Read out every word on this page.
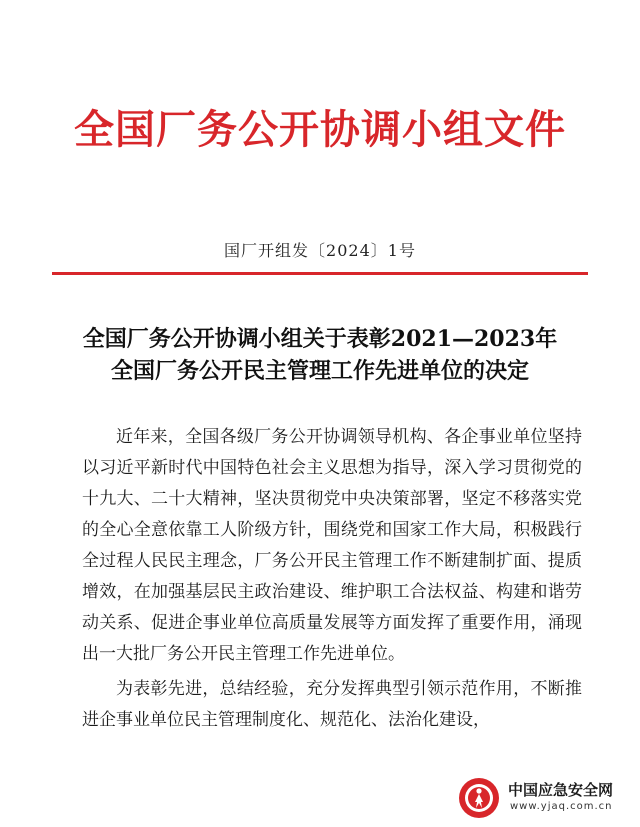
全国厂务公开协调小组文件
国厂开组发〔2024〕1号
全国厂务公开协调小组关于表彰2021—2023年
全国厂务公开民主管理工作先进单位的决定

近年来，全国各级厂务公开协调领导机构、各企事业单位坚持以习近平新时代中国特色社会主义思想为指导，深入学习贯彻党的十九大、二十大精神，坚决贯彻党中央决策部署，坚定不移落实党的全心全意依靠工人阶级方针，围绕党和国家工作大局，积极践行全过程人民民主理念，厂务公开民主管理工作不断建制扩面、提质增效，在加强基层民主政治建设、维护职工合法权益、构建和谐劳动关系、促进企事业单位高质量发展等方面发挥了重要作用，涌现出一大批厂务公开民主管理工作先进单位。

为表彰先进，总结经验，充分发挥典型引领示范作用，不断推进企事业单位民主管理制度化、规范化、法治化建设，

中国应急安全网
www.yjaq.com.cn
